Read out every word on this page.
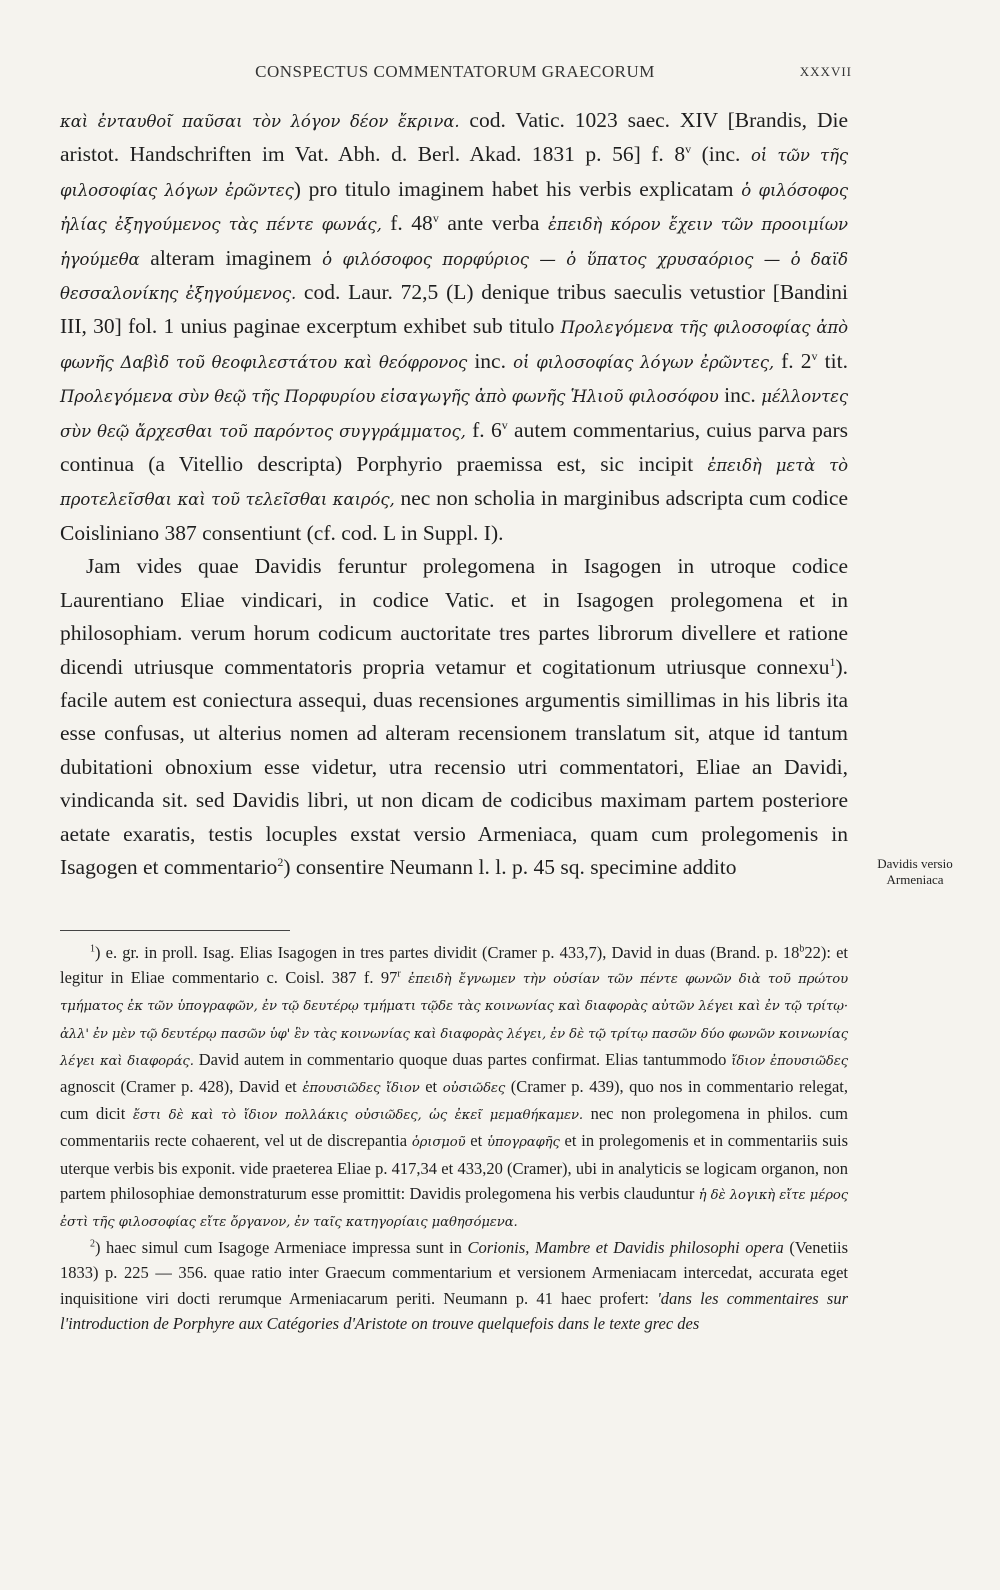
CONSPECTUS COMMENTATORUM GRAECORUM	XXXVII

καὶ ἐνταυθοῖ παῦσαι τὸν λόγον δέον ἔκρινα. cod. Vatic. 1023 saec. XIV [Brandis, Die aristot. Handschriften im Vat. Abh. d. Berl. Akad. 1831 p. 56] f. 8$^v$ (inc. οἱ τῶν τῆς φιλοσοφίας λόγων ἐρῶντες) pro titulo imaginem habet his verbis explicatam ὁ φιλόσοφος ἠλίας ἐξηγούμενος τὰς πέντε φωνάς, f. 48$^v$ ante verba ἐπειδὴ κόρον ἔχειν τῶν προοιμίων ἡγούμεθα alteram imaginem ὁ φιλόσοφος πορφύριος — ὁ ὕπατος χρυσαόριος — ὁ δαϊδ θεσσαλονίκης ἐξηγούμενος. cod. Laur. 72,5 (L) denique tribus saeculis vetustior [Bandini III, 30] fol. 1 unius paginae excerptum exhibet sub titulo Προλεγόμενα τῆς φιλοσοφίας ἀπὸ φωνῆς Δαβὶδ τοῦ θεοφιλεστάτου καὶ θεόφρονος inc. οἱ φιλοσοφίας λόγων ἐρῶντες, f. 2$^v$ tit. Προλεγόμενα σὺν θεῷ τῆς Πορφυρίου εἰσαγωγῆς ἀπὸ φωνῆς Ἡλιοῦ φιλοσόφου inc. μέλλοντες σὺν θεῷ ἄρχεσθαι τοῦ παρόντος συγγράμματος, f. 6$^v$ autem commentarius, cuius parva pars continua (a Vitellio descripta) Porphyrio praemissa est, sic incipit ἐπειδὴ μετὰ τὸ προτελεῖσθαι καὶ τοῦ τελεῖσθαι καιρός, nec non scholia in marginibus adscripta cum codice Coisliniano 387 consentiunt (cf. cod. L in Suppl. I).

Jam vides quae Davidis feruntur prolegomena in Isagogen in utroque codice Laurentiano Eliae vindicari, in codice Vatic. et in Isagogen prolegomena et in philosophiam. verum horum codicum auctoritate tres partes librorum divellere et ratione dicendi utriusque commentatoris propria vetamur et cogitationum utriusque connexu$^1$). facile autem est coniectura assequi, duas recensiones argumentis simillimas in his libris ita esse confusas, ut alterius nomen ad alteram recensionem translatum sit, atque id tantum dubitationi obnoxium esse videtur, utra recensio utri commentatori, Eliae an Davidi, vindicanda sit. sed Davidis libri, ut non dicam de codicibus maximam partem posteriore aetate exaratis, testis locuples exstat versio Armeniaca, quam cum prolegomenis in Isagogen et commentario$^2$) consentire Neumann l. l. p. 45 sq. specimine addito	Davidis versio
Armeniaca

$^1$) e. gr. in proll. Isag. Elias Isagogen in tres partes dividit (Cramer p. 433,7), David in duas (Brand. p. 18$^b$22): et legitur in Eliae commentario c. Coisl. 387 f. 97$^r$ ἐπειδὴ ἔγνωμεν τὴν οὐσίαν τῶν πέντε φωνῶν διὰ τοῦ πρώτου τμήματος ἐκ τῶν ὑπογραφῶν, ἐν τῷ δευτέρῳ τμήματι τῷδε τὰς κοινωνίας καὶ διαφορὰς αὐτῶν λέγει καὶ ἐν τῷ τρίτῳ· ἀλλ' ἐν μὲν τῷ δευτέρῳ πασῶν ὑφ' ἓν τὰς κοινωνίας καὶ διαφορὰς λέγει, ἐν δὲ τῷ τρίτῳ πασῶν δύο φωνῶν κοινωνίας λέγει καὶ διαφοράς. David autem in commentario quoque duas partes confirmat. Elias tantummodo ἴδιον ἐπουσιῶδες agnoscit (Cramer p. 428), David et ἐπουσιῶδες ἴδιον et οὐσιῶδες (Cramer p. 439), quo nos in commentario relegat, cum dicit ἔστι δὲ καὶ τὸ ἴδιον πολλάκις οὐσιῶδες, ὡς ἐκεῖ μεμαθήκαμεν. nec non prolegomena in philos. cum commentariis recte cohaerent, vel ut de discrepantia ὁρισμοῦ et ὑπογραφῆς et in prolegomenis et in commentariis suis uterque verbis bis exponit. vide praeterea Eliae p. 417,34 et 433,20 (Cramer), ubi in analyticis se logicam organon, non partem philosophiae demonstraturum esse promittit: Davidis prolegomena his verbis clauduntur ἡ δὲ λογικὴ εἴτε μέρος ἐστὶ τῆς φιλοσοφίας εἴτε ὄργανον, ἐν ταῖς κατηγορίαις μαθησόμενα.

$^2$) haec simul cum Isagoge Armeniace impressa sunt in Corionis, Mambre et Davidis philosophi opera (Venetiis 1833) p. 225 — 356. quae ratio inter Graecum commentarium et versionem Armeniacam intercedat, accurata eget inquisitione viri docti rerumque Armeniacarum periti. Neumann p. 41 haec profert: 'dans les commentaires sur l'introduction de Porphyre aux Catégories d'Aristote on trouve quelquefois dans le texte grec des
